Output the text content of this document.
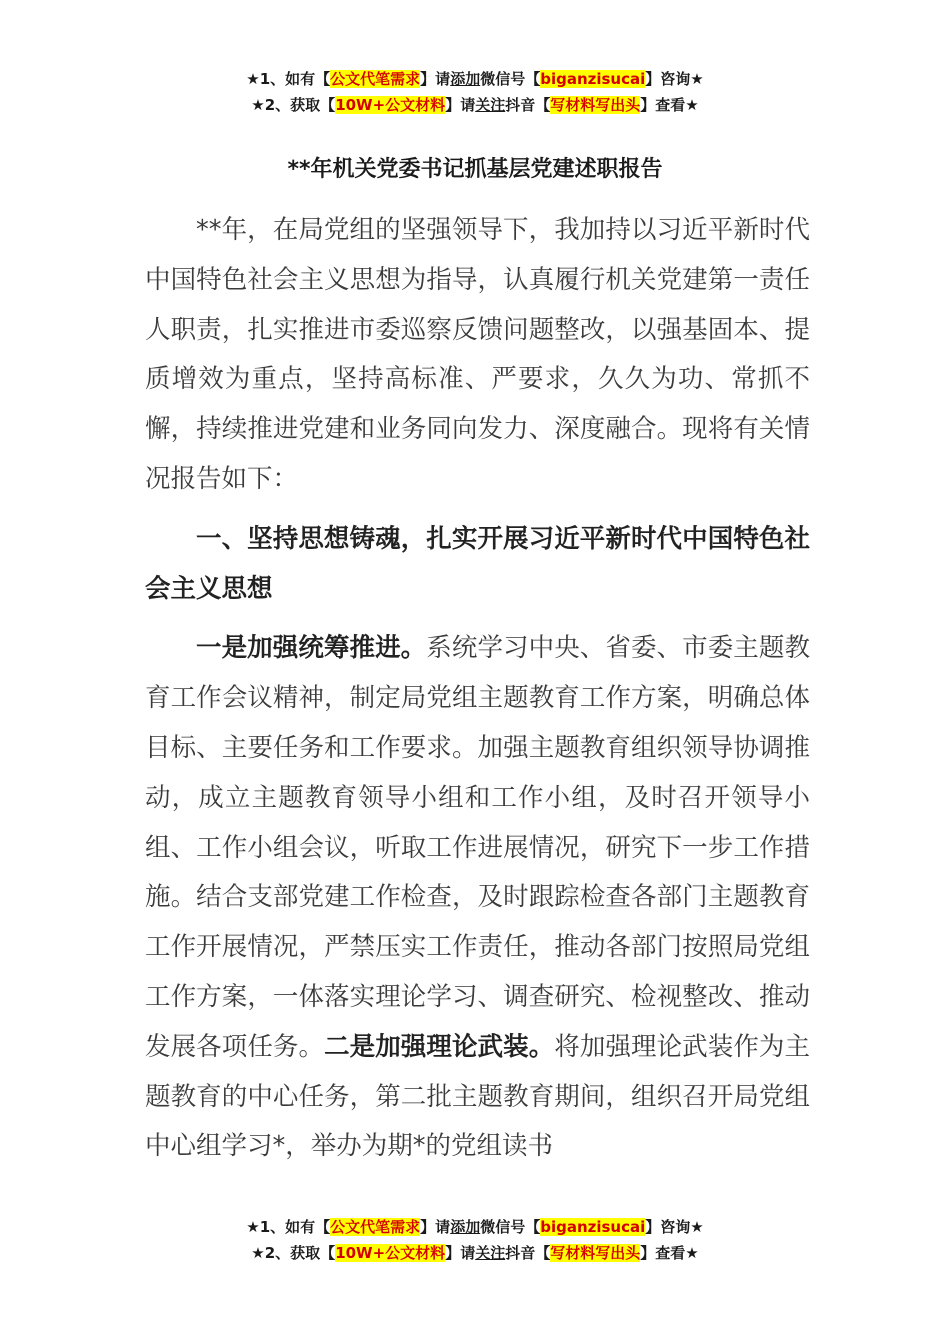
★1、如有【公文代笔需求】请添加微信号【biganzisucai】咨询★
★2、获取【10W+公文材料】请关注抖音【写材料写出头】查看★
**年机关党委书记抓基层党建述职报告

**年，在局党组的坚强领导下，我加持以习近平新时代中国特色社会主义思想为指导，认真履行机关党建第一责任人职责，扎实推进市委巡察反馈问题整改，以强基固本、提质增效为重点，坚持高标准、严要求，久久为功、常抓不懈，持续推进党建和业务同向发力、深度融合。现将有关情况报告如下：

一、坚持思想铸魂，扎实开展习近平新时代中国特色社会主义思想

一是加强统筹推进。系统学习中央、省委、市委主题教育工作会议精神，制定局党组主题教育工作方案，明确总体目标、主要任务和工作要求。加强主题教育组织领导协调推动，成立主题教育领导小组和工作小组，及时召开领导小组、工作小组会议，听取工作进展情况，研究下一步工作措施。结合支部党建工作检查，及时跟踪检查各部门主题教育工作开展情况，严禁压实工作责任，推动各部门按照局党组工作方案，一体落实理论学习、调查研究、检视整改、推动发展各项任务。二是加强理论武装。将加强理论武装作为主题教育的中心任务，第二批主题教育期间，组织召开局党组中心组学习*，举办为期*的党组读书

★1、如有【公文代笔需求】请添加微信号【biganzisucai】咨询★
★2、获取【10W+公文材料】请关注抖音【写材料写出头】查看★
